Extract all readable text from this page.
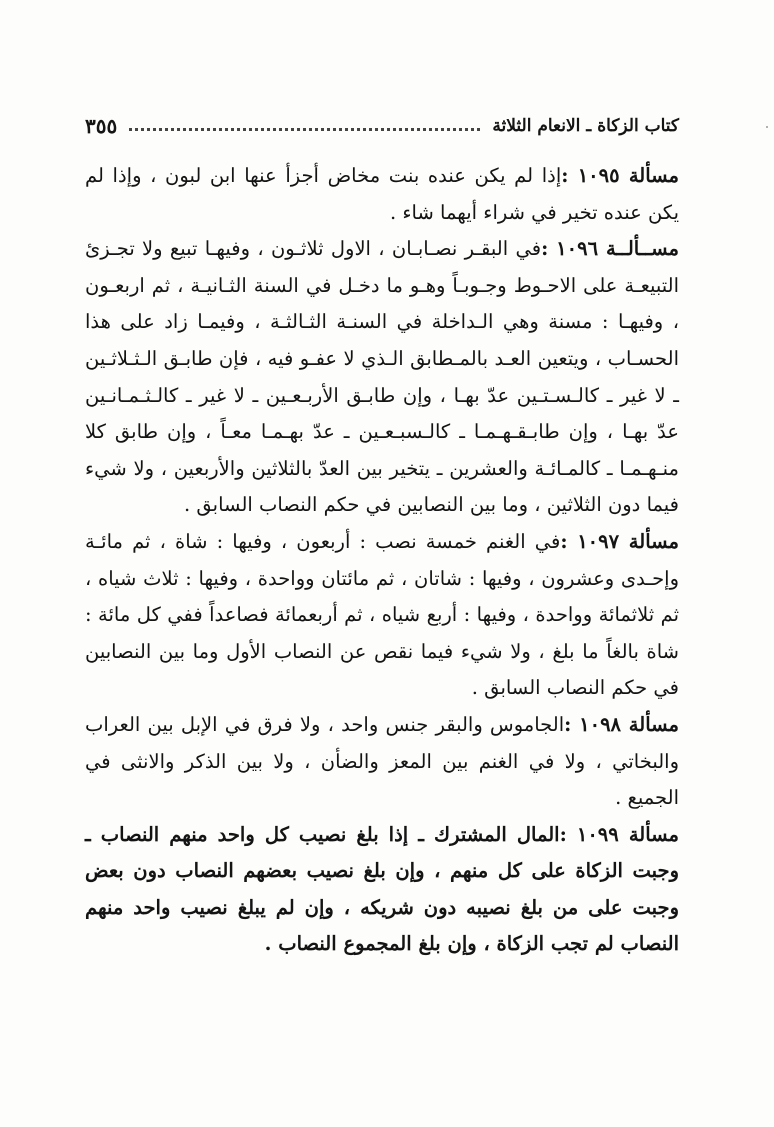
كتاب الزكاة ـ الانعام الثلاثة
٣٥٥

مسألة ١٠٩٥ :إذا لم يكن عنده بنت مخاض أجزأ عنها ابن لبون ، وإذا لم يكن عنده تخير في شراء أيهما شاء .

مســألــة ١٠٩٦ :في البقـر نصـابـان ، الاول ثلاثـون ، وفيهـا تبيع ولا تجـزئ التبيعـة على الاحـوط وجـوبـاً وهـو ما دخـل في السنة الثـانيـة ، ثم اربعـون ، وفيهـا : مسنة وهي الـداخلة في السنـة الثـالثـة ، وفيمـا زاد على هذا الحسـاب ، ويتعين العـد بالمـطابق الـذي لا عفـو فيه ، فإن طابـق الـثـلاثـين ـ لا غير ـ كالـسـتـين عدّ بهـا ، وإن طابـق الأربـعـين ـ لا غير ـ كالـثـمـانـين عدّ بهـا ، وإن طابـقـهـمـا ـ كالـسبـعـين ـ عدّ بهـمـا معـاً ، وإن طابق كلا منـهـمـا ـ كالمـائـة والعشرين ـ يتخير بين العدّ بالثلاثين والأربعين ، ولا شيء فيما دون الثلاثين ، وما بين النصابين في حكم النصاب السابق .

مسألة ١٠٩٧ :في الغنم خمسة نصب : أربعون ، وفيها : شاة ، ثم مائـة وإحـدى وعشرون ، وفيها : شاتان ، ثم مائتان وواحدة ، وفيها : ثلاث شياه ، ثم ثلاثمائة وواحدة ، وفيها : أربع شياه ، ثم أربعمائة فصاعداً ففي كل مائة : شاة بالغاً ما بلغ ، ولا شيء فيما نقص عن النصاب الأول وما بين النصابين في حكم النصاب السابق .

مسألة ١٠٩٨ :الجاموس والبقر جنس واحد ، ولا فرق في الإبل بين العراب والبخاتي ، ولا في الغنم بين المعز والضأن ، ولا بين الذكر والانثى في الجميع .

مسألة ١٠٩٩ :المال المشترك ـ إذا بلغ نصيب كل واحد منهم النصاب ـ وجبت الزكاة على كل منهم ، وإن بلغ نصيب بعضهم النصاب دون بعض وجبت على من بلغ نصيبه دون شريكه ، وإن لم يبلغ نصيب واحد منهم النصاب لم تجب الزكاة ، وإن بلغ المجموع النصاب .
